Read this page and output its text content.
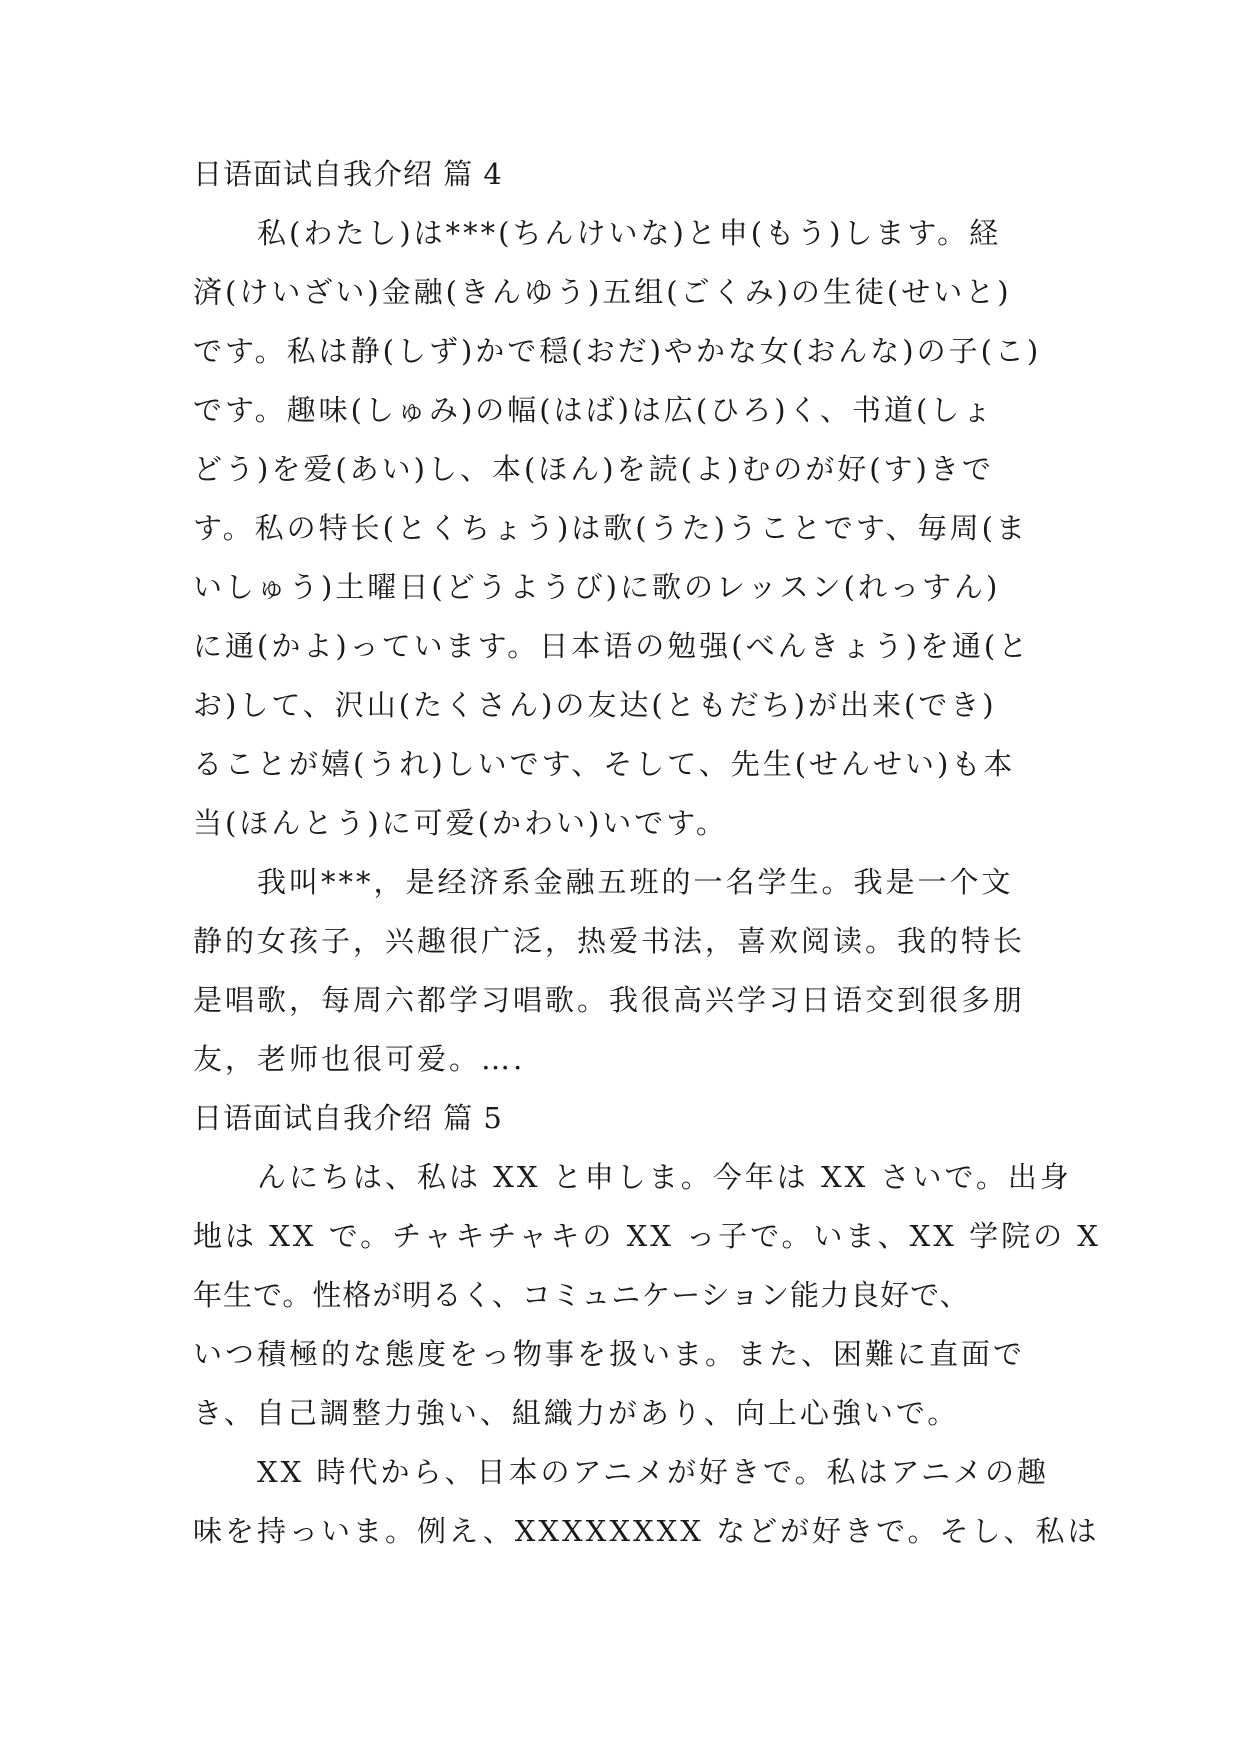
日语面试自我介绍 篇 4
私(わたし)は***(ちんけいな)と申(もう)します。経
済(けいざい)金融(きんゆう)五组(ごくみ)の生徒(せいと)
です。私は静(しず)かで穏(おだ)やかな女(おんな)の子(こ)
です。趣味(しゅみ)の幅(はば)は広(ひろ)く、书道(しょ
どう)を爱(あい)し、本(ほん)を読(よ)むのが好(す)きで
す。私の特长(とくちょう)は歌(うた)うことです、毎周(ま
いしゅう)土曜日(どうようび)に歌のレッスン(れっすん)
に通(かよ)っています。日本语の勉强(べんきょう)を通(と
お)して、沢山(たくさん)の友达(ともだち)が出来(でき)
ることが嬉(うれ)しいです、そして、先生(せんせい)も本
当(ほんとう)に可爱(かわい)いです。
我叫***，是经济系金融五班的一名学生。我是一个文
静的女孩子，兴趣很广泛，热爱书法，喜欢阅读。我的特长
是唱歌，每周六都学习唱歌。我很高兴学习日语交到很多朋
友，老师也很可爱。….
日语面试自我介绍 篇 5
んにちは、私は XX と申しま。今年は XX さいで。出身
地は XX で。チャキチャキの XX っ子で。いま、XX 学院の X
年生で。性格が明るく、コミュニケーション能力良好で、
いつ積極的な態度をっ物事を扱いま。また、困難に直面で
き、自己調整力強い、組織力があり、向上心強いで。
XX 時代から、日本のアニメが好きで。私はアニメの趣
味を持っいま。例え、XXXXXXXX などが好きで。そし、私は
